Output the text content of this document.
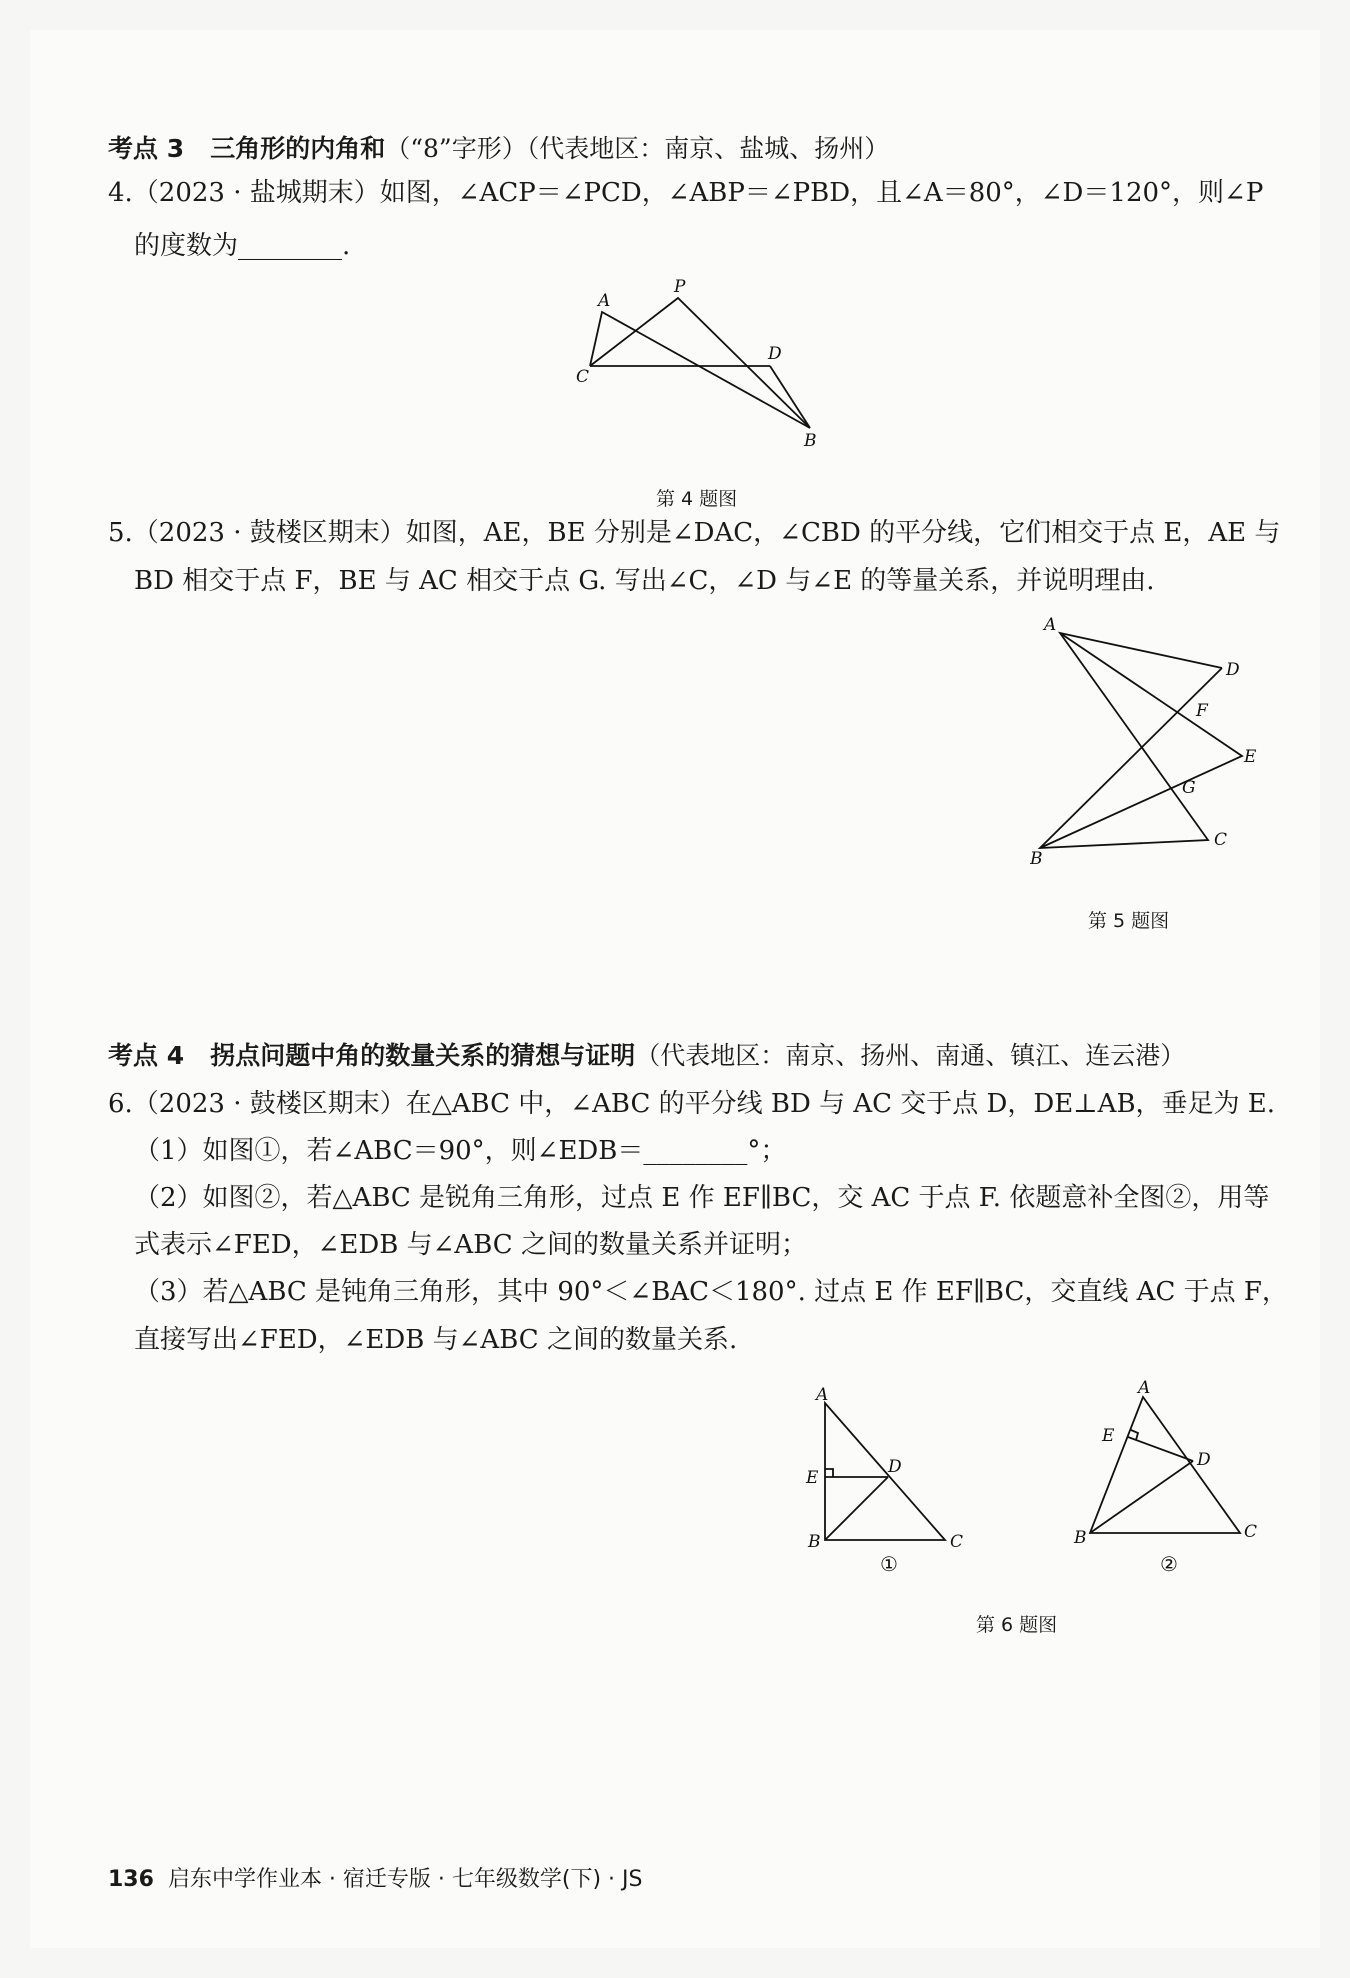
考点 3 三角形的内角和（“8”字形）（代表地区：南京、盐城、扬州）
4.（2023 · 盐城期末）如图，∠ACP＝∠PCD，∠ABP＝∠PBD，且∠A＝80°，∠D＝120°，则∠P
的度数为________.
A
P
D
C
B
第 4 题图
5.（2023 · 鼓楼区期末）如图，AE，BE 分别是∠DAC，∠CBD 的平分线，它们相交于点 E，AE 与
BD 相交于点 F，BE 与 AC 相交于点 G. 写出∠C，∠D 与∠E 的等量关系，并说明理由.
A
D
F
E
G
C
B
第 5 题图
考点 4 拐点问题中角的数量关系的猜想与证明（代表地区：南京、扬州、南通、镇江、连云港）
6.（2023 · 鼓楼区期末）在△ABC 中，∠ABC 的平分线 BD 与 AC 交于点 D，DE⊥AB，垂足为 E.
（1）如图①，若∠ABC＝90°，则∠EDB＝________°；
（2）如图②，若△ABC 是锐角三角形，过点 E 作 EF∥BC，交 AC 于点 F. 依题意补全图②，用等
式表示∠FED，∠EDB 与∠ABC 之间的数量关系并证明；
（3）若△ABC 是钝角三角形，其中 90°＜∠BAC＜180°. 过点 E 作 EF∥BC，交直线 AC 于点 F，
直接写出∠FED，∠EDB 与∠ABC 之间的数量关系.
A
E
D
B	C
①
A
E
D
B	C
②
第 6 题图
136 启东中学作业本 · 宿迁专版 · 七年级数学(下) · JS
